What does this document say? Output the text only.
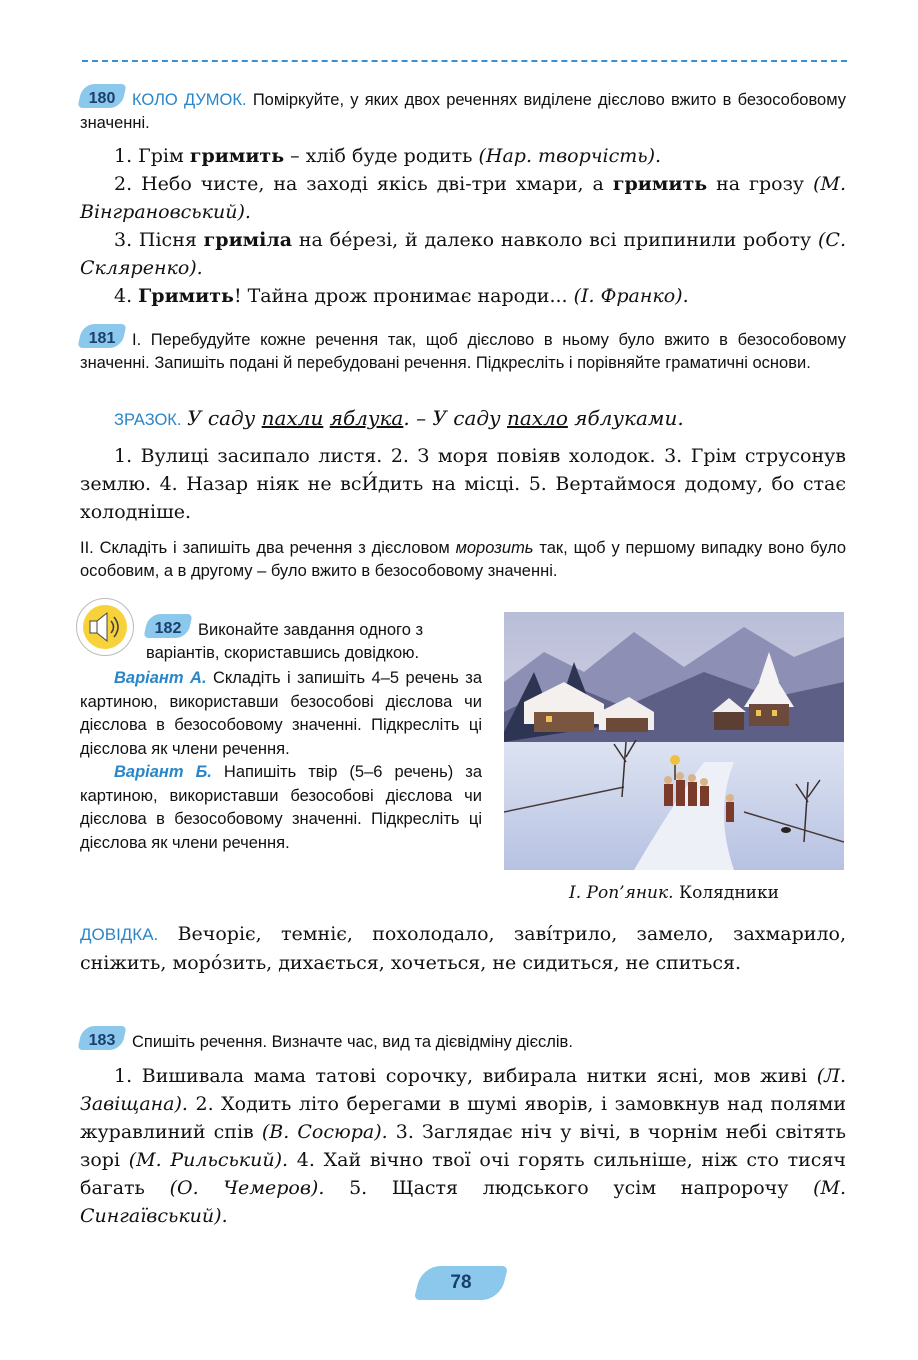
180	КОЛО ДУМОК. Поміркуйте, у яких двох реченнях виділене дієслово вжито в безособовому значенні.

1. Грім гримить – хліб буде родить (Нар. творчість).

2. Небо чисте, на заході якісь дві-три хмари, а гримить на грозу (М. Вінграновський).

3. Пісня гриміла на бе́резі, й далеко навколо всі припинили роботу (С. Скляренко).

4. Гримить! Тайна дрож пронимає народи... (І. Франко).

181	І. Перебудуйте кожне речення так, щоб дієслово в ньому було вжито в безособовому значенні. Запишіть подані й перебудовані речення. Підкресліть і порівняйте граматичні основи.
ЗРАЗОК. У саду пахли яблука. – У саду пахло яблуками.

1. Вулиці засипало листя. 2. З моря повіяв холодок. 3. Грім струсонув землю. 4. Назар ніяк не всИ́дить на місці. 5. Вертаймося додому, бо стає холодніше.

ІІ. Складіть і запишіть два речення з дієсловом морозить так, щоб у першому випадку воно було особовим, а в другому – було вжито в безособовому значенні.
182	Виконайте завдання одного з варіантів, скориставшись довідкою.

Варіант А. Складіть і запишіть 4–5 речень за картиною, використавши безособові дієслова чи дієслова в безособовому значенні. Підкресліть ці дієслова як члени речення.

Варіант Б. Напишіть твір (5–6 речень) за картиною, використавши безособові дієслова чи дієслова в безособовому значенні. Підкресліть ці дієслова як члени речення.

І. Роп’яник. Колядники
ДОВІДКА. Вечоріє, темніє, похолодало, заві́трило, замело, захмарило, сніжить, моро́зить, дихається, хочеться, не сидиться, не спиться.
183	Спишіть речення. Визначте час, вид та дієвідміну дієслів.

1. Вишивала мама татові сорочку, вибирала нитки ясні, мов живі (Л. Завіщана). 2. Ходить літо берегами в шумі яворів, і замовкнув над полями журавлиний спів (В. Сосюра). 3. Заглядає ніч у вічі, в чорнім небі світять зорі (М. Рильський). 4. Хай вічно твої очі горять сильніше, ніж сто тисяч багать (О. Чемеров). 5. Щастя людського усім напророчу (М. Сингаївський).

78
